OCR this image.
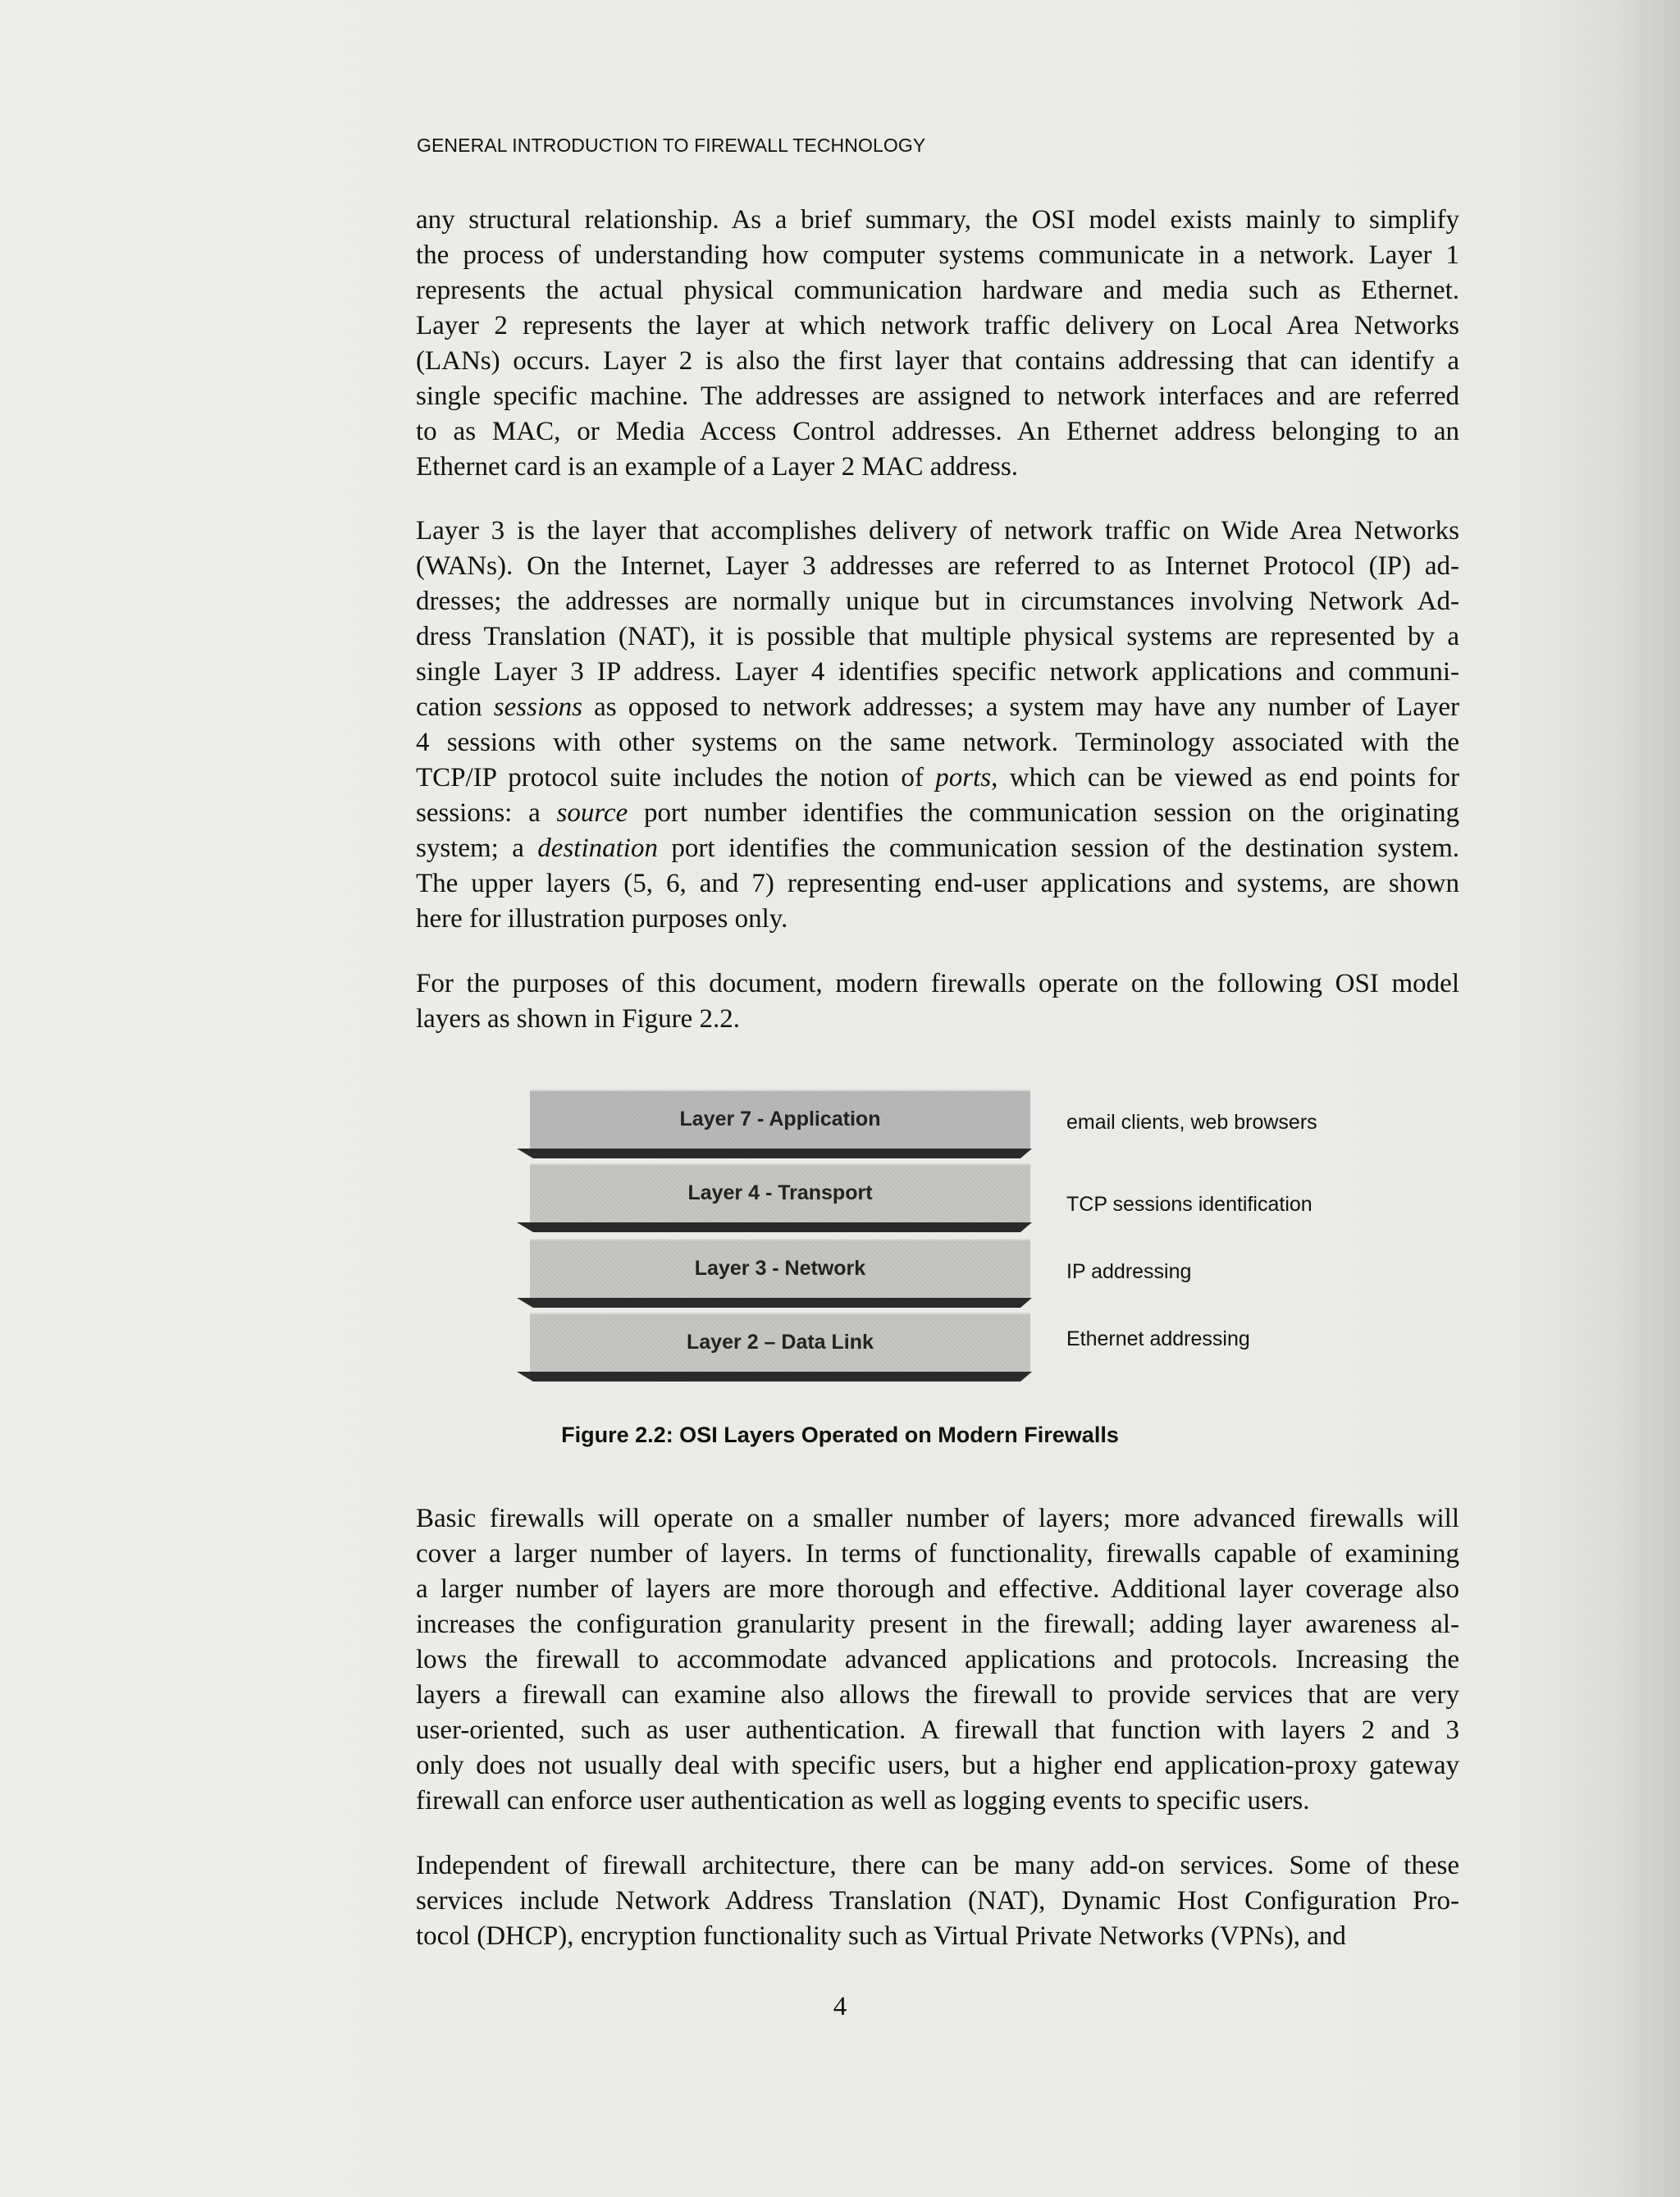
GENERAL INTRODUCTION TO FIREWALL TECHNOLOGY
any structural relationship. As a brief summary, the OSI model exists mainly to simplify
the process of understanding how computer systems communicate in a network. Layer 1
represents the actual physical communication hardware and media such as Ethernet.
Layer 2 represents the layer at which network traffic delivery on Local Area Networks
(LANs) occurs. Layer 2 is also the first layer that contains addressing that can identify a
single specific machine. The addresses are assigned to network interfaces and are referred
to as MAC, or Media Access Control addresses. An Ethernet address belonging to an
Ethernet card is an example of a Layer 2 MAC address.
Layer 3 is the layer that accomplishes delivery of network traffic on Wide Area Networks
(WANs). On the Internet, Layer 3 addresses are referred to as Internet Protocol (IP) ad-
dresses; the addresses are normally unique but in circumstances involving Network Ad-
dress Translation (NAT), it is possible that multiple physical systems are represented by a
single Layer 3 IP address. Layer 4 identifies specific network applications and communi-
cation sessions as opposed to network addresses; a system may have any number of Layer
4 sessions with other systems on the same network. Terminology associated with the
TCP/IP protocol suite includes the notion of ports, which can be viewed as end points for
sessions: a source port number identifies the communication session on the originating
system; a destination port identifies the communication session of the destination system.
The upper layers (5, 6, and 7) representing end-user applications and systems, are shown
here for illustration purposes only.
For the purposes of this document, modern firewalls operate on the following OSI model
layers as shown in Figure 2.2.
Layer 7 - Application	email clients, web browsers
Layer 4 - Transport	TCP sessions identification
Layer 3 - Network	IP addressing
Layer 2 – Data Link	Ethernet addressing
Figure 2.2: OSI Layers Operated on Modern Firewalls
Basic firewalls will operate on a smaller number of layers; more advanced firewalls will
cover a larger number of layers. In terms of functionality, firewalls capable of examining
a larger number of layers are more thorough and effective. Additional layer coverage also
increases the configuration granularity present in the firewall; adding layer awareness al-
lows the firewall to accommodate advanced applications and protocols. Increasing the
layers a firewall can examine also allows the firewall to provide services that are very
user-oriented, such as user authentication. A firewall that function with layers 2 and 3
only does not usually deal with specific users, but a higher end application-proxy gateway
firewall can enforce user authentication as well as logging events to specific users.
Independent of firewall architecture, there can be many add-on services. Some of these
services include Network Address Translation (NAT), Dynamic Host Configuration Pro-
tocol (DHCP), encryption functionality such as Virtual Private Networks (VPNs), and
4
